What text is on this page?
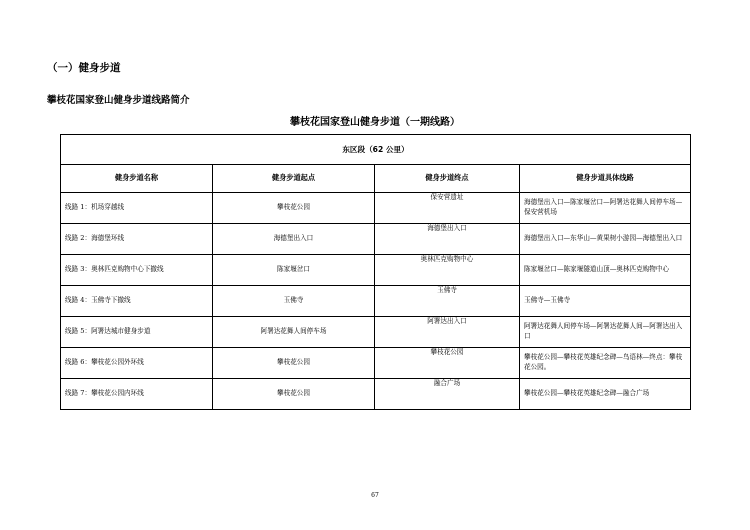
（一）健身步道
攀枝花国家登山健身步道线路简介
攀枝花国家登山健身步道（一期线路）
东区段（62 公里）			
健身步道名称	健身步道起点	健身步道终点	健身步道具体线路
线路 1：机场穿越线	攀枝花公园	保安营遗址	海德堡出入口—陈家堰岔口—阿署达花舞人间停车场—保安营机场
线路 2：海德堡环线	海德堡出入口	海德堡出入口	海德堡出入口—东华山—黄果树小游园—海德堡出入口
线路 3：奥林匹克购物中心下撤线	陈家堰岔口	奥林匹克购物中心	陈家堰岔口—陈家堰隧道山顶—奥林匹克购物中心
线路 4：玉佛寺下撤线	玉佛寺	玉佛寺	玉佛寺—玉佛寺
线路 5：阿署达城市健身步道	阿署达花舞人间停车场	阿署达出入口	阿署达花舞人间停车场—阿署达花舞人间—阿署达出入口
线路 6：攀枝花公园外环线	攀枝花公园	攀枝花公园	攀枝花公园—攀枝花英雄纪念碑—鸟语林—终点：攀枝花公园。
线路 7：攀枝花公园内环线	攀枝花公园	融合广场	攀枝花公园—攀枝花英雄纪念碑—融合广场
67
